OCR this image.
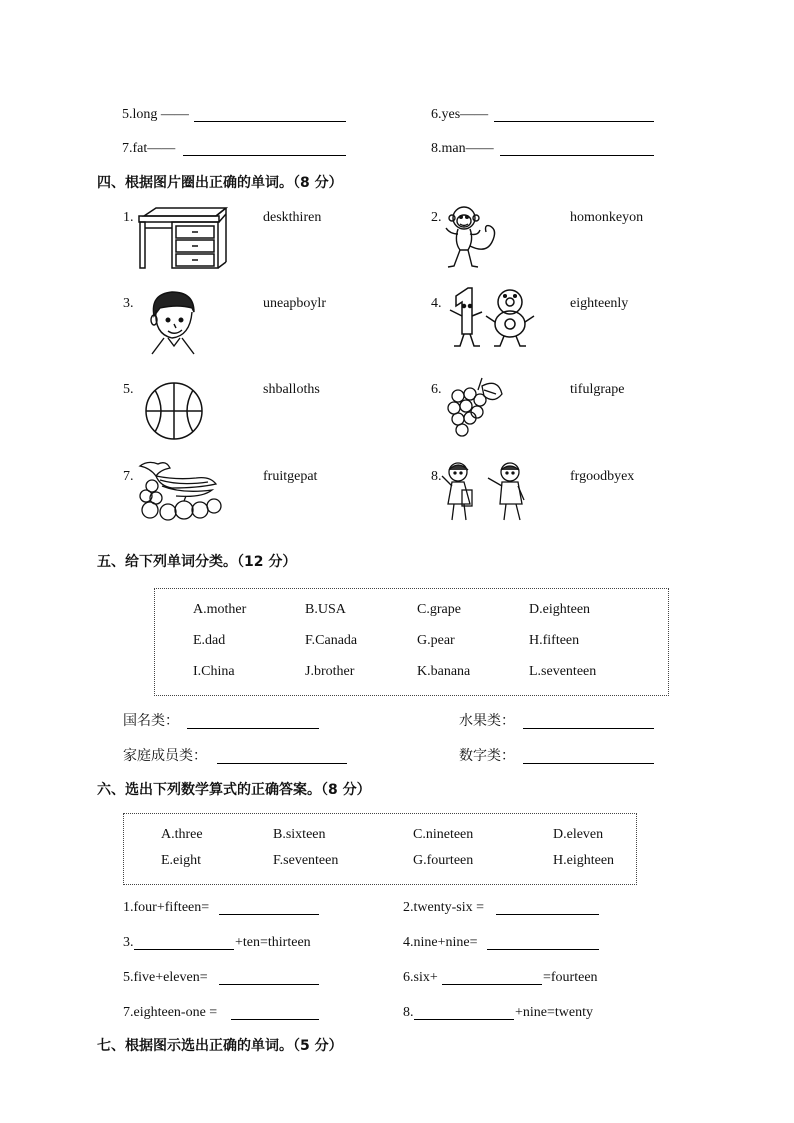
5.long ——	6.yes——
7.fat——	8.man——
四、根据图片圈出正确的单词。（8 分）
1.	deskthiren	2.	homonkeyon
3.	uneapboylr	4.	eighteenly
5.	shballoths	6.	tifulgrape
7.	fruitgepat	8.	frgoodbyex
五、给下列单词分类。（12 分）
A.mother	B.USA	C.grape	D.eighteen
E.dad	F.Canada	G.pear	H.fifteen
I.China	J.brother	K.banana	L.seventeen
国名类：	水果类：
家庭成员类：	数字类：
六、选出下列数学算式的正确答案。（8 分）
A.three	B.sixteen	C.nineteen	D.eleven
E.eight	F.seventeen	G.fourteen	H.eighteen
1.four+fifteen=	2.twenty-six =
3.	+ten=thirteen	4.nine+nine=
5.five+eleven=	6.six+	=fourteen
7.eighteen-one =	8.	+nine=twenty
七、根据图示选出正确的单词。（5 分）
